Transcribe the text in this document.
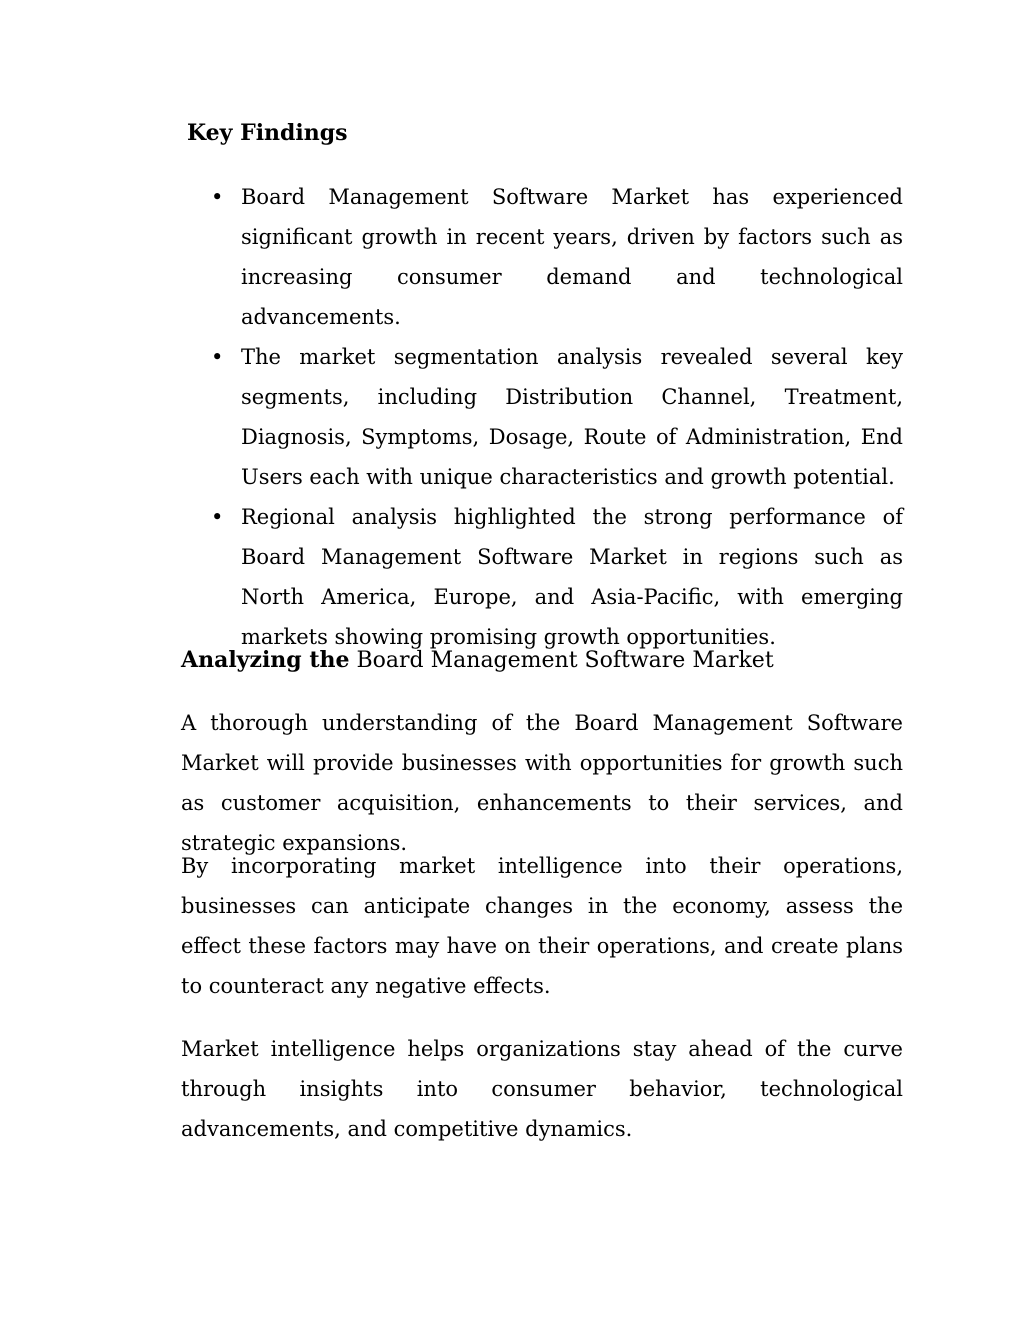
Key Findings
• Board Management Software Market has experienced significant growth in recent years, driven by factors such as increasing consumer demand and technological advancements.
• The market segmentation analysis revealed several key segments, including Distribution Channel, Treatment, Diagnosis, Symptoms, Dosage, Route of Administration, End Users each with unique characteristics and growth potential.
• Regional analysis highlighted the strong performance of Board Management Software Market in regions such as North America, Europe, and Asia-Pacific, with emerging markets showing promising growth opportunities.
Analyzing the Board Management Software Market

A thorough understanding of the Board Management Software Market will provide businesses with opportunities for growth such as customer acquisition, enhancements to their services, and strategic expansions.

By incorporating market intelligence into their operations, businesses can anticipate changes in the economy, assess the effect these factors may have on their operations, and create plans to counteract any negative effects.

Market intelligence helps organizations stay ahead of the curve through insights into consumer behavior, technological advancements, and competitive dynamics.
